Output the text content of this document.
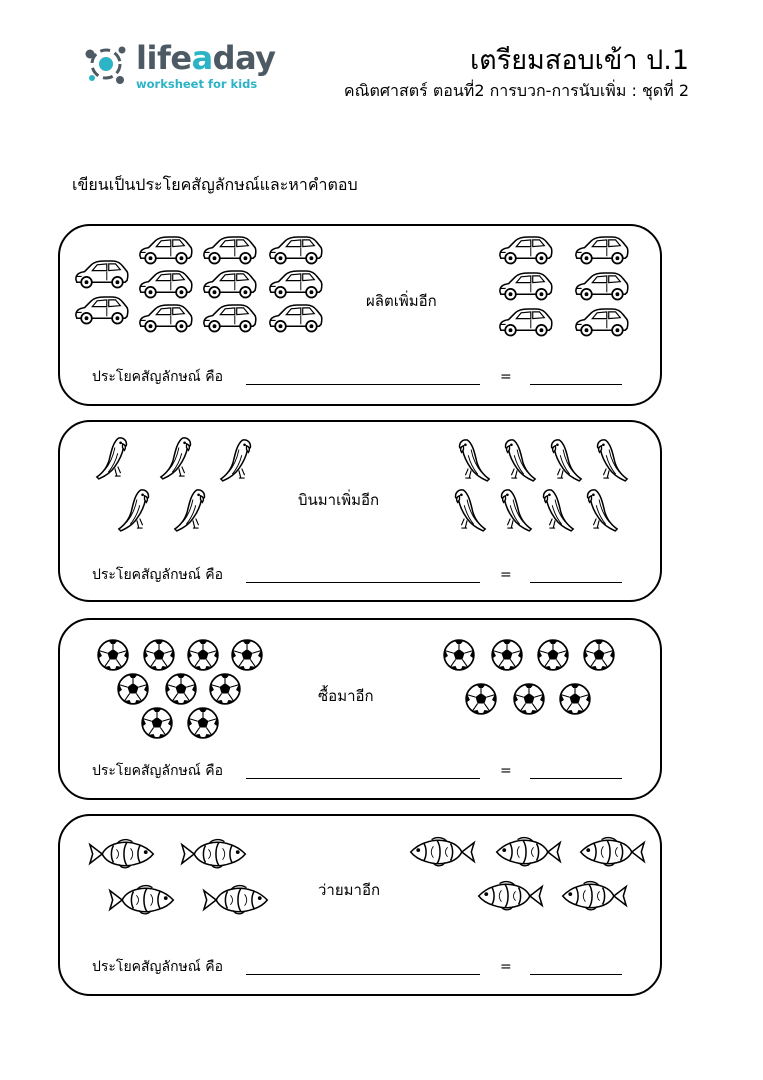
lifeaday
worksheet for kids
เตรียมสอบเข้า ป.1
คณิตศาสตร์ ตอนที่2 การบวก-การนับเพิ่ม : ชุดที่ 2
เขียนเป็นประโยคสัญลักษณ์และหาคำตอบ
ผลิตเพิ่มอีก
ประโยคสัญลักษณ์ คือ	=
บินมาเพิ่มอีก
ประโยคสัญลักษณ์ คือ	=
ซื้อมาอีก
ประโยคสัญลักษณ์ คือ	=
ว่ายมาอีก
ประโยคสัญลักษณ์ คือ	=
